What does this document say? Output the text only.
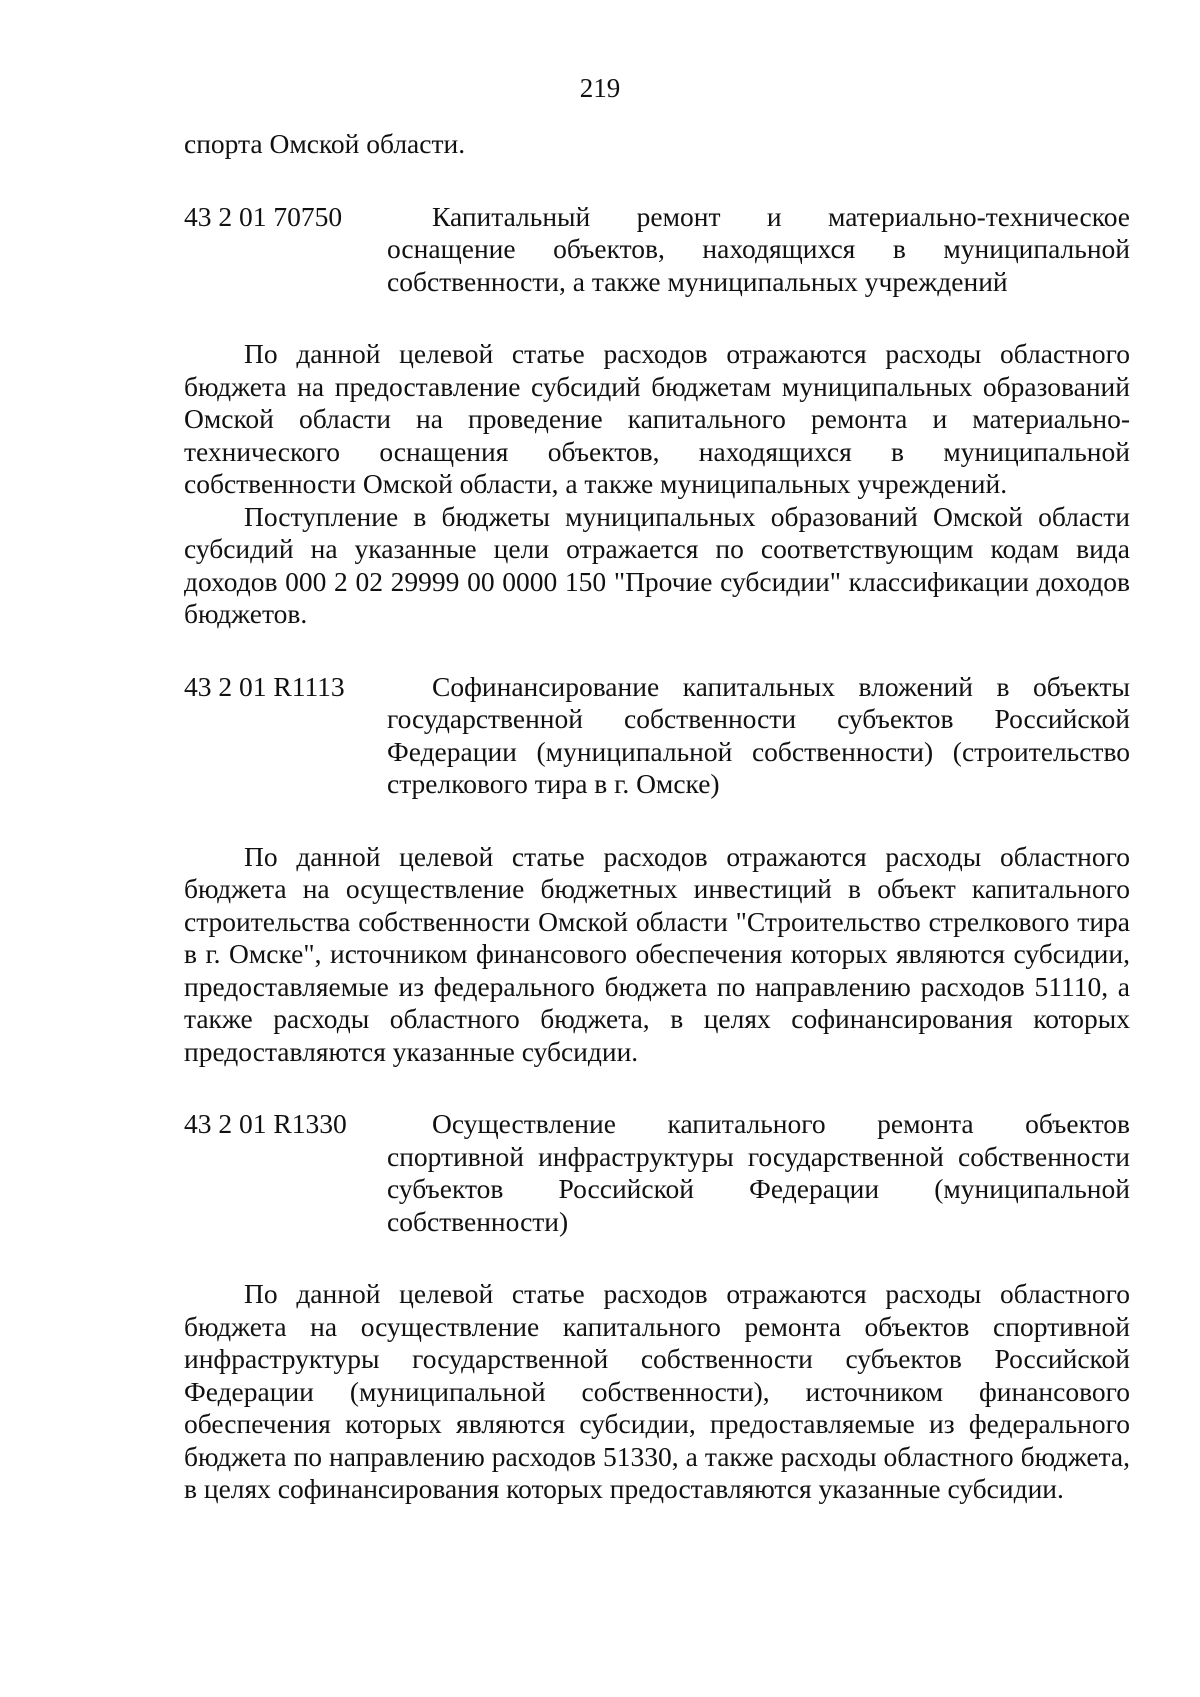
219

спорта Омской области.

43 2 01 70750	Капитальный ремонт и материально-техническое оснащение объектов, находящихся в муниципальной собственности, а также муниципальных учреждений

По данной целевой статье расходов отражаются расходы областного бюджета на предоставление субсидий бюджетам муниципальных образований Омской области на проведение капитального ремонта и материально-технического оснащения объектов, находящихся в муниципальной собственности Омской области, а также муниципальных учреждений.

Поступление в бюджеты муниципальных образований Омской области субсидий на указанные цели отражается по соответствующим кодам вида доходов 000 2 02 29999 00 0000 150 "Прочие субсидии" классификации доходов бюджетов.

43 2 01 R1113	Софинансирование капитальных вложений в объекты государственной собственности субъектов Российской Федерации (муниципальной собственности) (строительство стрелкового тира в г. Омске)

По данной целевой статье расходов отражаются расходы областного бюджета на осуществление бюджетных инвестиций в объект капитального строительства собственности Омской области "Строительство стрелкового тира в г. Омске", источником финансового обеспечения которых являются субсидии, предоставляемые из федерального бюджета по направлению расходов 51110, а также расходы областного бюджета, в целях софинансирования которых предоставляются указанные субсидии.

43 2 01 R1330	Осуществление капитального ремонта объектов спортивной инфраструктуры государственной собственности субъектов Российской Федерации (муниципальной собственности)

По данной целевой статье расходов отражаются расходы областного бюджета на осуществление капитального ремонта объектов спортивной инфраструктуры государственной собственности субъектов Российской Федерации (муниципальной собственности), источником финансового обеспечения которых являются субсидии, предоставляемые из федерального бюджета по направлению расходов 51330, а также расходы областного бюджета, в целях софинансирования которых предоставляются указанные субсидии.
